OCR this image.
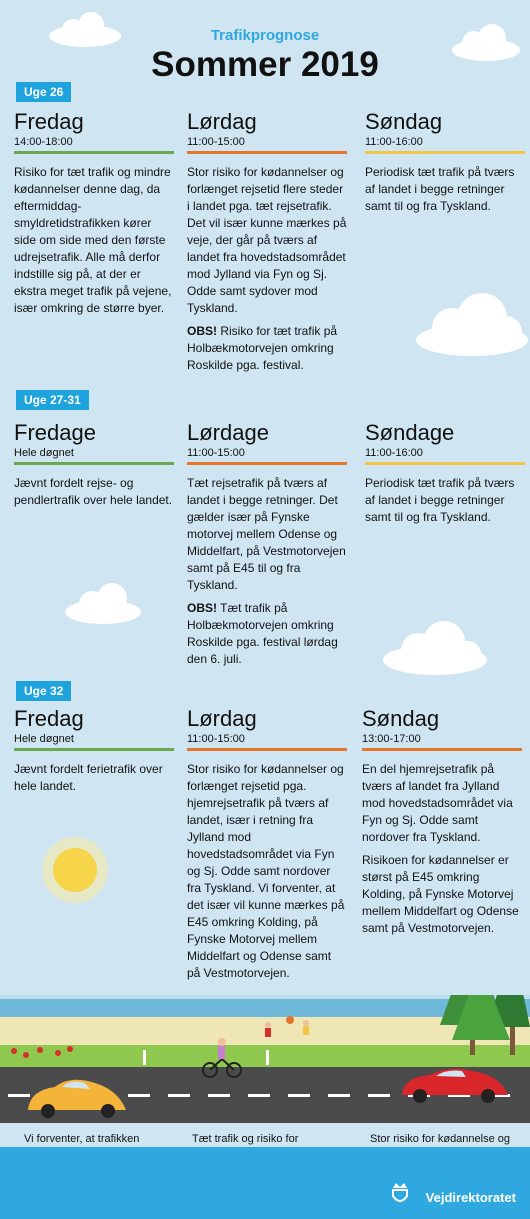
Trafikprognose
Sommer 2019
Uge 26
Fredag
14:00-18:00

Risiko for tæt trafik og mindre kødannelser denne dag, da eftermiddag-smyldretidstrafikken kører side om side med den første udrejsetrafik. Alle må derfor indstille sig på, at der er ekstra meget trafik på vejene, især omkring de større byer.

Lørdag
11:00-15:00

Stor risiko for kødannelser og forlænget rejsetid flere steder i landet pga. tæt rejsetrafik. Det vil især kunne mærkes på veje, der går på tværs af landet fra hovedstadsområdet mod Jylland via Fyn og Sj. Odde samt sydover mod Tyskland.

OBS! Risiko for tæt trafik på Holbækmotorvejen omkring Roskilde pga. festival.

Søndag
11:00-16:00

Periodisk tæt trafik på tværs af landet i begge retninger samt til og fra Tyskland.

Uge 27-31
Fredage
Hele døgnet

Jævnt fordelt rejse- og pendlertrafik over hele landet.

Lørdage
11:00-15:00

Tæt rejsetrafik på tværs af landet i begge retninger. Det gælder især på Fynske motorvej mellem Odense og Middelfart, på Vestmotorvejen samt på E45 til og fra Tyskland.

OBS! Tæt trafik på Holbækmotorvejen omkring Roskilde pga. festival lørdag den 6. juli.

Søndage
11:00-16:00

Periodisk tæt trafik på tværs af landet i begge retninger samt til og fra Tyskland.

Uge 32
Fredag
Hele døgnet

Jævnt fordelt ferietrafik over hele landet.

Lørdag
11:00-15:00

Stor risiko for kødannelser og forlænget rejsetid pga. hjemrejsetrafik på tværs af landet, især i retning fra Jylland mod hovedstadsområdet via Fyn og Sj. Odde samt nordover fra Tyskland. Vi forventer, at det især vil kunne mærkes på E45 omkring Kolding, på Fynske Motorvej mellem Middelfart og Odense samt på Vestmotorvejen.

Søndag
13:00-17:00

En del hjemrejsetrafik på tværs af landet fra Jylland mod hovedstadsområdet via Fyn og Sj. Odde samt nordover fra Tyskland.

Risikoen for kødannelser er størst på E45 omkring Kolding, på Fynske Motorvej mellem Middelfart og Odense samt på Vestmotorvejen.

Vi forventer, at trafikken	Tæt trafik og risiko for	Stor risiko for kødannelse og
Vejdirektoratet
